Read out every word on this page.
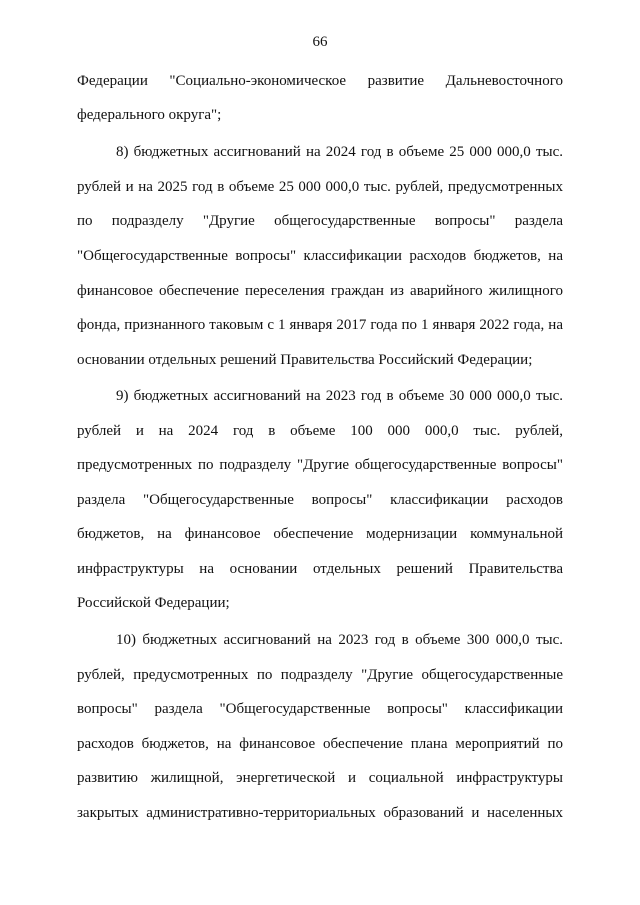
66
Федерации "Социально-экономическое развитие Дальневосточного
федерального округа";
8) бюджетных ассигнований на 2024 год в объеме 25 000 000,0 тыс.
рублей и на 2025 год в объеме 25 000 000,0 тыс. рублей, предусмотренных
по подразделу "Другие общегосударственные вопросы" раздела
"Общегосударственные вопросы" классификации расходов бюджетов, на
финансовое обеспечение переселения граждан из аварийного жилищного
фонда, признанного таковым с 1 января 2017 года по 1 января 2022 года, на
основании отдельных решений Правительства Российский Федерации;
9) бюджетных ассигнований на 2023 год в объеме 30 000 000,0 тыс.
рублей и на 2024 год в объеме 100 000 000,0 тыс. рублей,
предусмотренных по подразделу "Другие общегосударственные вопросы"
раздела "Общегосударственные вопросы" классификации расходов
бюджетов, на финансовое обеспечение модернизации коммунальной
инфраструктуры на основании отдельных решений Правительства
Российской Федерации;
10) бюджетных ассигнований на 2023 год в объеме 300 000,0 тыс.
рублей, предусмотренных по подразделу "Другие общегосударственные
вопросы" раздела "Общегосударственные вопросы" классификации
расходов бюджетов, на финансовое обеспечение плана мероприятий по
развитию жилищной, энергетической и социальной инфраструктуры
закрытых административно-территориальных образований и населенных
